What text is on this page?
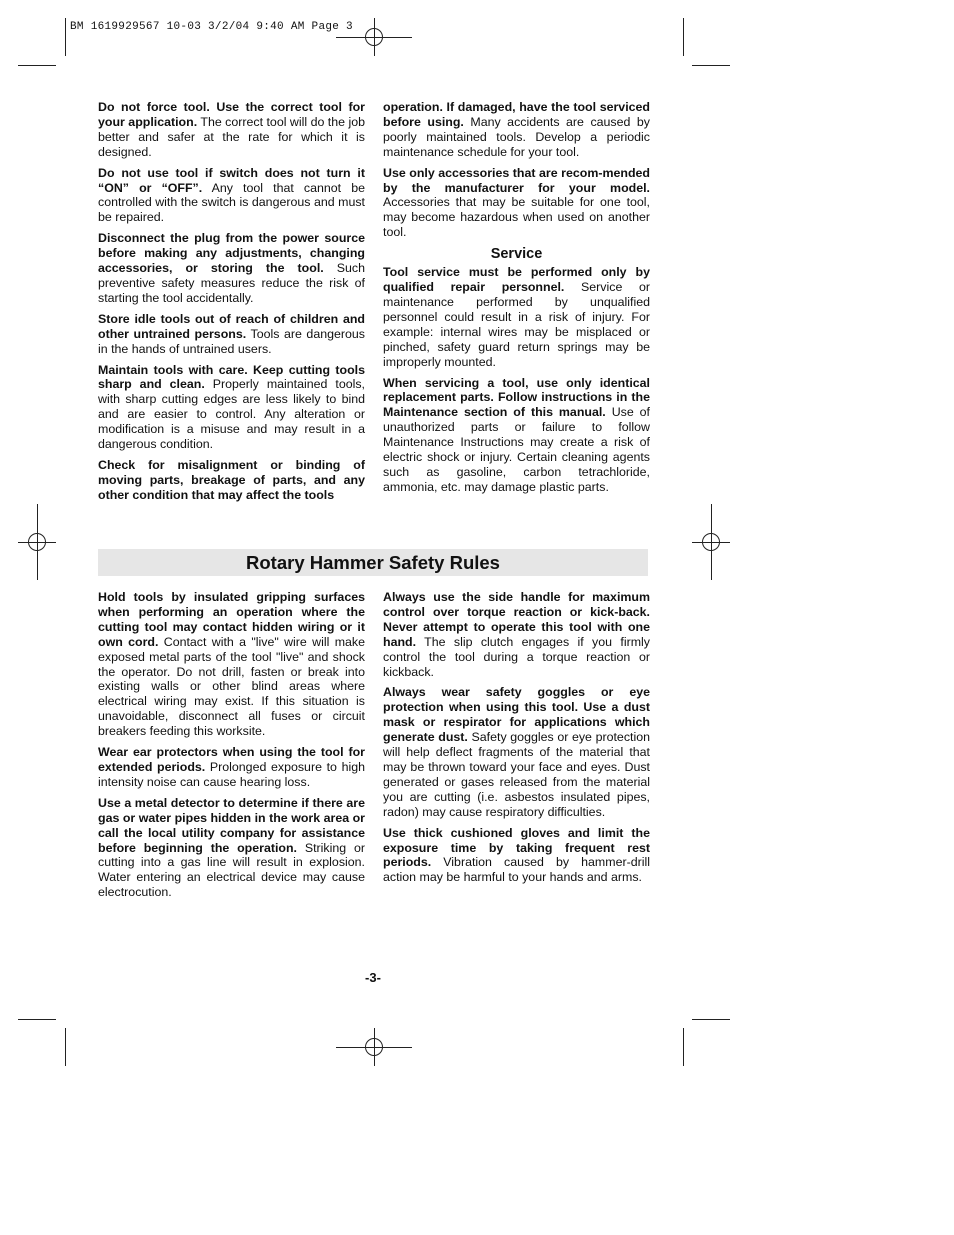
BM 1619929567 10-03 3/2/04 9:40 AM Page 3

Do not force tool. Use the correct tool for your application. The correct tool will do the job better and safer at the rate for which it is designed.

Do not use tool if switch does not turn it “ON” or “OFF”. Any tool that cannot be controlled with the switch is dangerous and must be repaired.

Disconnect the plug from the power source before making any adjustments, changing accessories, or storing the tool. Such preventive safety measures reduce the risk of starting the tool accidentally.

Store idle tools out of reach of children and other untrained persons. Tools are dangerous in the hands of untrained users.

Maintain tools with care. Keep cutting tools sharp and clean. Properly maintained tools, with sharp cutting edges are less likely to bind and are easier to control. Any alteration or modification is a misuse and may result in a dangerous condition.

Check for misalignment or binding of moving parts, breakage of parts, and any other condition that may affect the tools

operation. If damaged, have the tool serviced before using. Many accidents are caused by poorly maintained tools. Develop a periodic maintenance schedule for your tool.

Use only accessories that are recom-mended by the manufacturer for your model. Accessories that may be suitable for one tool, may become hazardous when used on another tool.

Service

Tool service must be performed only by qualified repair personnel. Service or maintenance performed by unqualified personnel could result in a risk of injury. For example: internal wires may be misplaced or pinched, safety guard return springs may be improperly mounted.

When servicing a tool, use only identical replacement parts. Follow instructions in the Maintenance section of this manual. Use of unauthorized parts or failure to follow Maintenance Instructions may create a risk of electric shock or injury. Certain cleaning agents such as gasoline, carbon tetrachloride, ammonia, etc. may damage plastic parts.

Rotary Hammer Safety Rules

Hold tools by insulated gripping surfaces when performing an operation where the cutting tool may contact hidden wiring or it own cord. Contact with a "live" wire will make exposed metal parts of the tool "live" and shock the operator. Do not drill, fasten or break into existing walls or other blind areas where electrical wiring may exist. If this situation is unavoidable, disconnect all fuses or circuit breakers feeding this worksite.

Wear ear protectors when using the tool for extended periods. Prolonged exposure to high intensity noise can cause hearing loss.

Use a metal detector to determine if there are gas or water pipes hidden in the work area or call the local utility company for assistance before beginning the operation. Striking or cutting into a gas line will result in explosion. Water entering an electrical device may cause electrocution.

Always use the side handle for maximum control over torque reaction or kick-back. Never attempt to operate this tool with one hand. The slip clutch engages if you firmly control the tool during a torque reaction or kickback.

Always wear safety goggles or eye protection when using this tool. Use a dust mask or respirator for applications which generate dust. Safety goggles or eye protection will help deflect fragments of the material that may be thrown toward your face and eyes. Dust generated or gases released from the material you are cutting (i.e. asbestos insulated pipes, radon) may cause respiratory difficulties.

Use thick cushioned gloves and limit the exposure time by taking frequent rest periods. Vibration caused by hammer-drill action may be harmful to your hands and arms.

-3-
